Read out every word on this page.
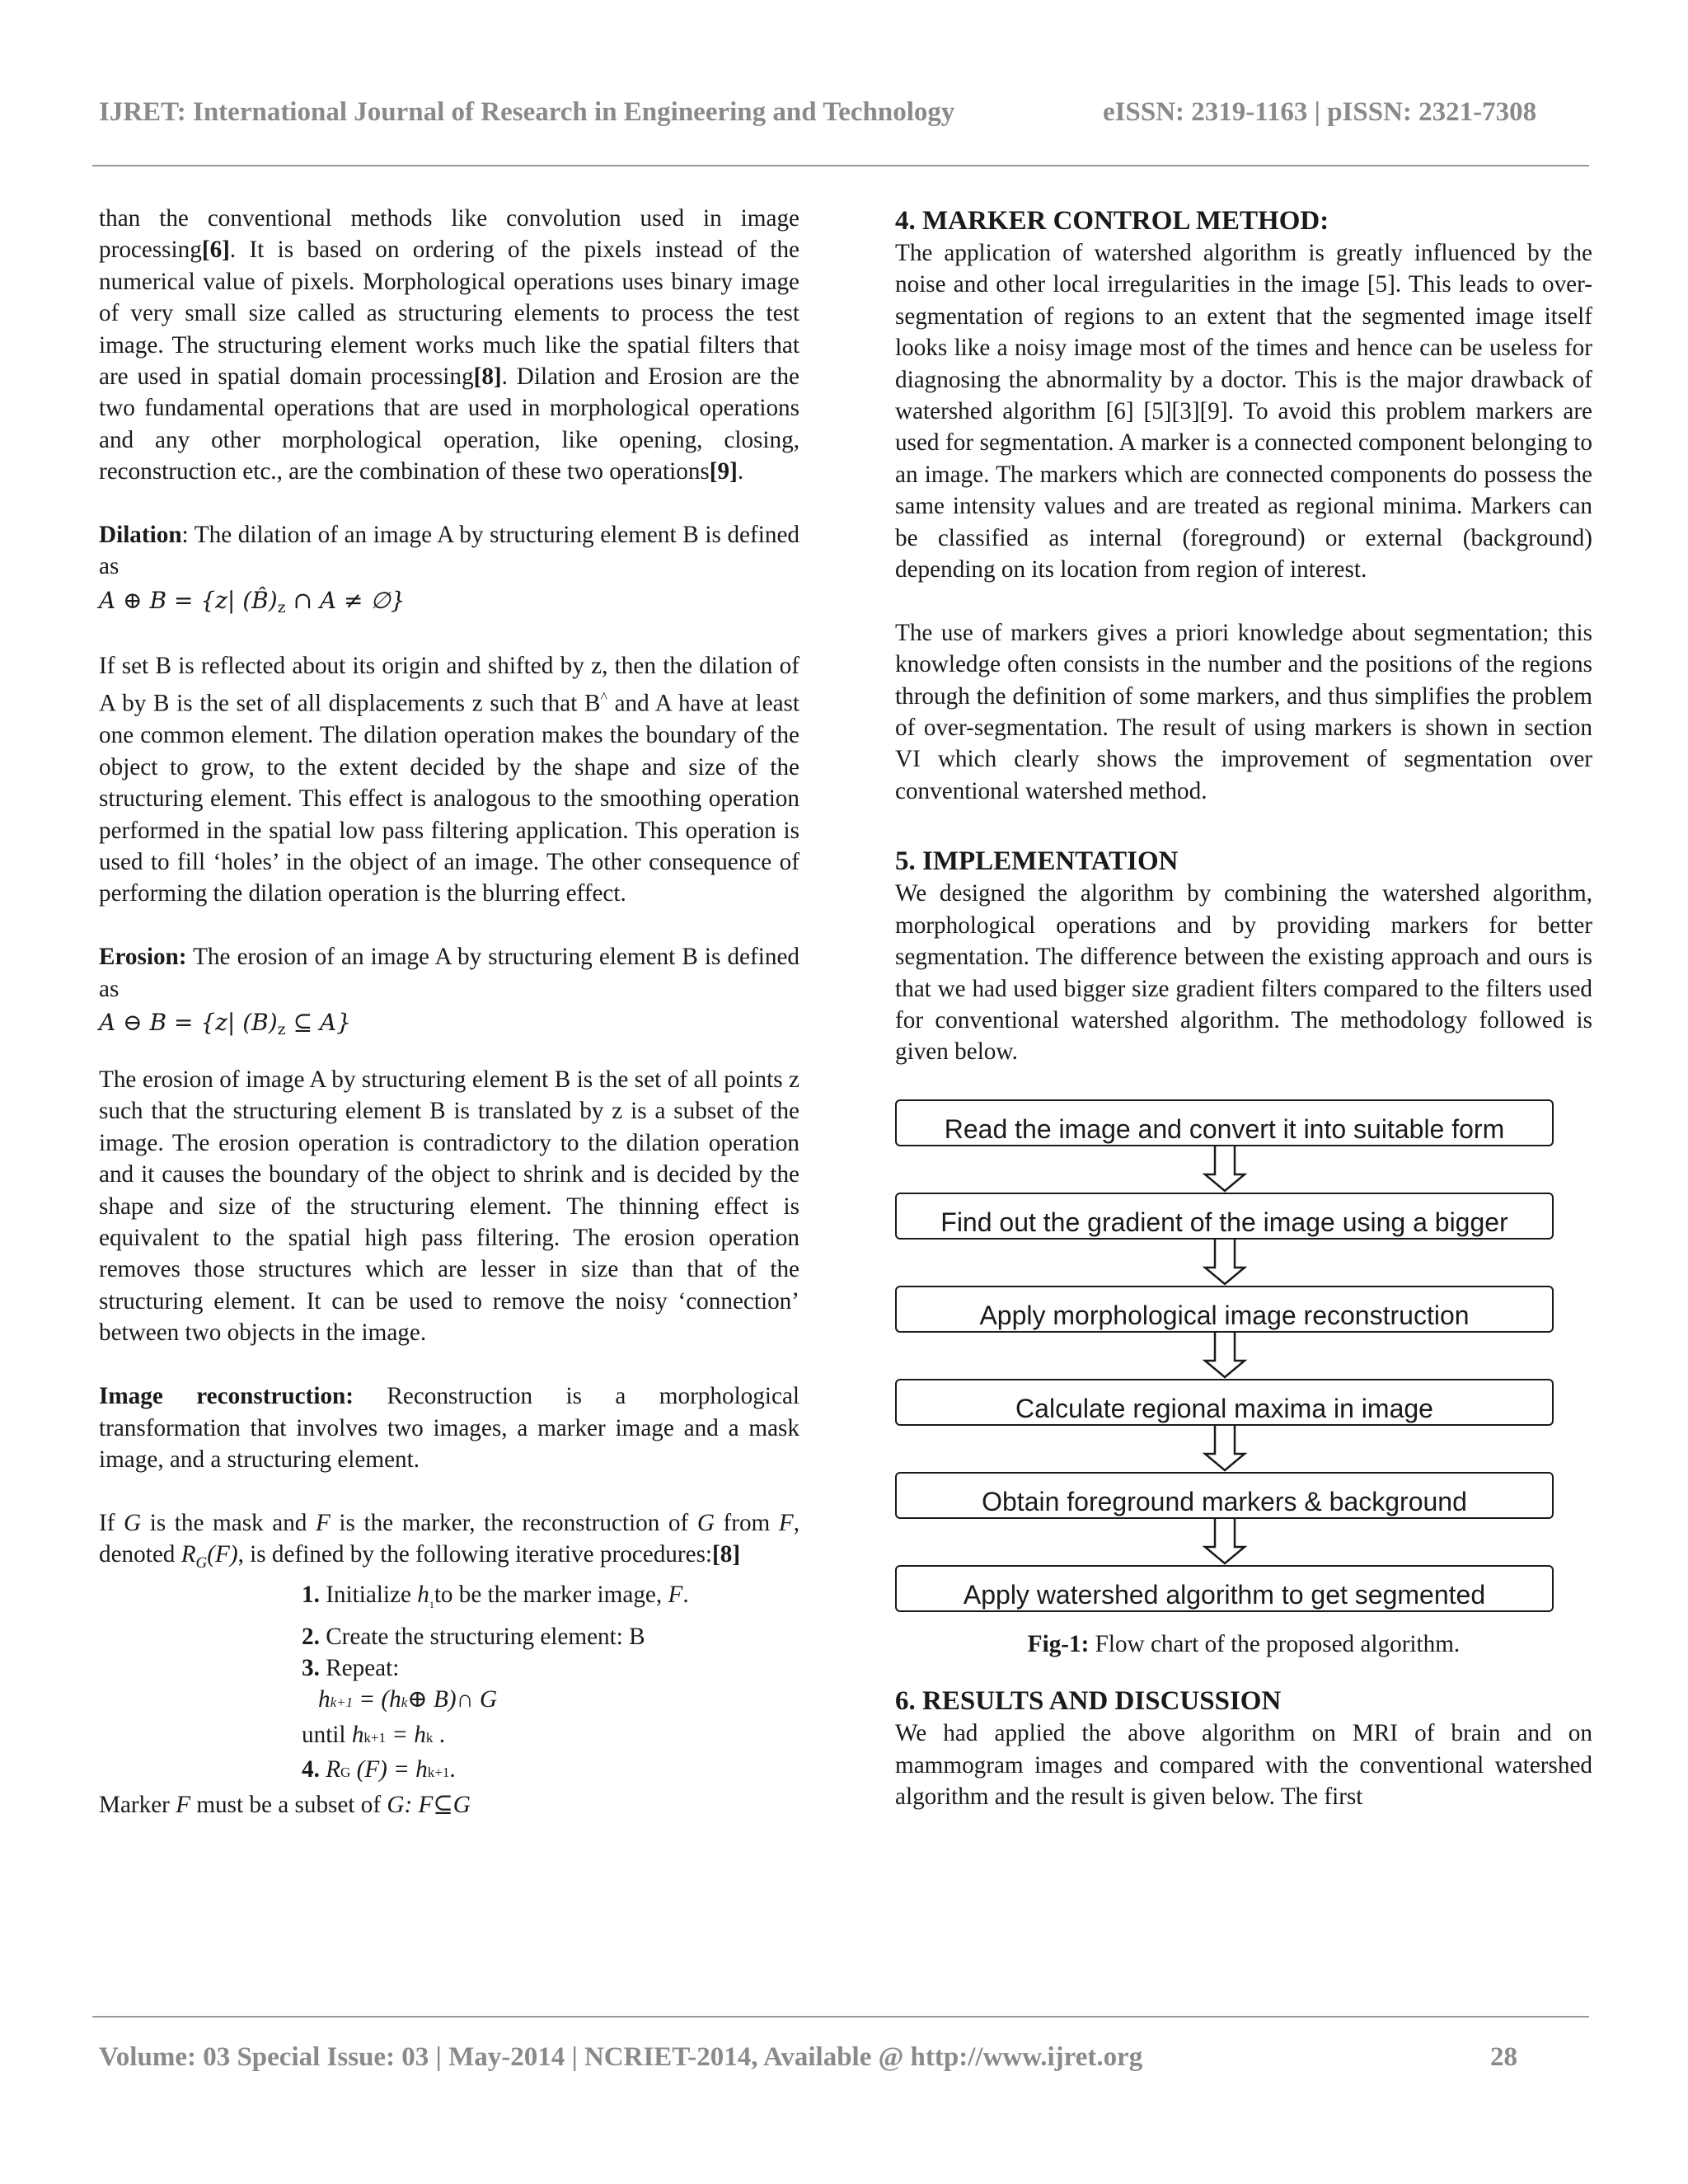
IJRET: International Journal of Research in Engineering and Technology	eISSN: 2319-1163 | pISSN: 2321-7308

than the conventional methods like convolution used in image processing[6]. It is based on ordering of the pixels instead of the numerical value of pixels. Morphological operations uses binary image of very small size called as structuring elements to process the test image. The structuring element works much like the spatial filters that are used in spatial domain processing[8]. Dilation and Erosion are the two fundamental operations that are used in morphological operations and any other morphological operation, like opening, closing, reconstruction etc., are the combination of these two operations[9].

Dilation: The dilation of an image A by structuring element B is defined as

A ⊕ B = {z| $(B̂)_z$ ∩ A ≠ ∅}

If set B is reflected about its origin and shifted by z, then the dilation of A by B is the set of all displacements z such that B^ and A have at least one common element. The dilation operation makes the boundary of the object to grow, to the extent decided by the shape and size of the structuring element. This effect is analogous to the smoothing operation performed in the spatial low pass filtering application. This operation is used to fill ‘holes’ in the object of an image. The other consequence of performing the dilation operation is the blurring effect.

Erosion: The erosion of an image A by structuring element B is defined as

A ⊖ B = {z| $(B)_z$ ⊆ A}

The erosion of image A by structuring element B is the set of all points z such that the structuring element B is translated by z is a subset of the image. The erosion operation is contradictory to the dilation operation and it causes the boundary of the object to shrink and is decided by the shape and size of the structuring element. The thinning effect is equivalent to the spatial high pass filtering. The erosion operation removes those structures which are lesser in size than that of the structuring element. It can be used to remove the noisy ‘connection’ between two objects in the image.

Image reconstruction: Reconstruction is a morphological transformation that involves two images, a marker image and a mask image, and a structuring element.

If G is the mask and F is the marker, the reconstruction of G from F, denoted $R_G(F)$, is defined by the following iterative procedures:[8]

1. Initialize $h_1to$ be the marker image, F.

2. Create the structuring element: B

3. Repeat:

hk+1 = (hk⊕ B)∩ G

until hk+1 = hk .

4. RG (F) = hk+1.

Marker F must be a subset of G: F⊆G

4. MARKER CONTROL METHOD:

The application of watershed algorithm is greatly influenced by the noise and other local irregularities in the image [5]. This leads to over-segmentation of regions to an extent that the segmented image itself looks like a noisy image most of the times and hence can be useless for diagnosing the abnormality by a doctor. This is the major drawback of watershed algorithm [6] [5][3][9]. To avoid this problem markers are used for segmentation. A marker is a connected component belonging to an image. The markers which are connected components do possess the same intensity values and are treated as regional minima. Markers can be classified as internal (foreground) or external (background) depending on its location from region of interest.

The use of markers gives a priori knowledge about segmentation; this knowledge often consists in the number and the positions of the regions through the definition of some markers, and thus simplifies the problem of over-segmentation. The result of using markers is shown in section VI which clearly shows the improvement of segmentation over conventional watershed method.

5. IMPLEMENTATION

We designed the algorithm by combining the watershed algorithm, morphological operations and by providing markers for better segmentation. The difference between the existing approach and ours is that we had used bigger size gradient filters compared to the filters used for conventional watershed algorithm. The methodology followed is given below.

Read the image and convert it into suitable form
Find out the gradient of the image using a bigger
Apply morphological image reconstruction
Calculate regional maxima in image
Obtain foreground markers & background
Apply watershed algorithm to get segmented

Fig-1: Flow chart of the proposed algorithm.

6. RESULTS AND DISCUSSION

We had applied the above algorithm on MRI of brain and on mammogram images and compared with the conventional watershed algorithm and the result is given below. The first

Volume: 03 Special Issue: 03 | May-2014 | NCRIET-2014, Available @ http://www.ijret.org	28
